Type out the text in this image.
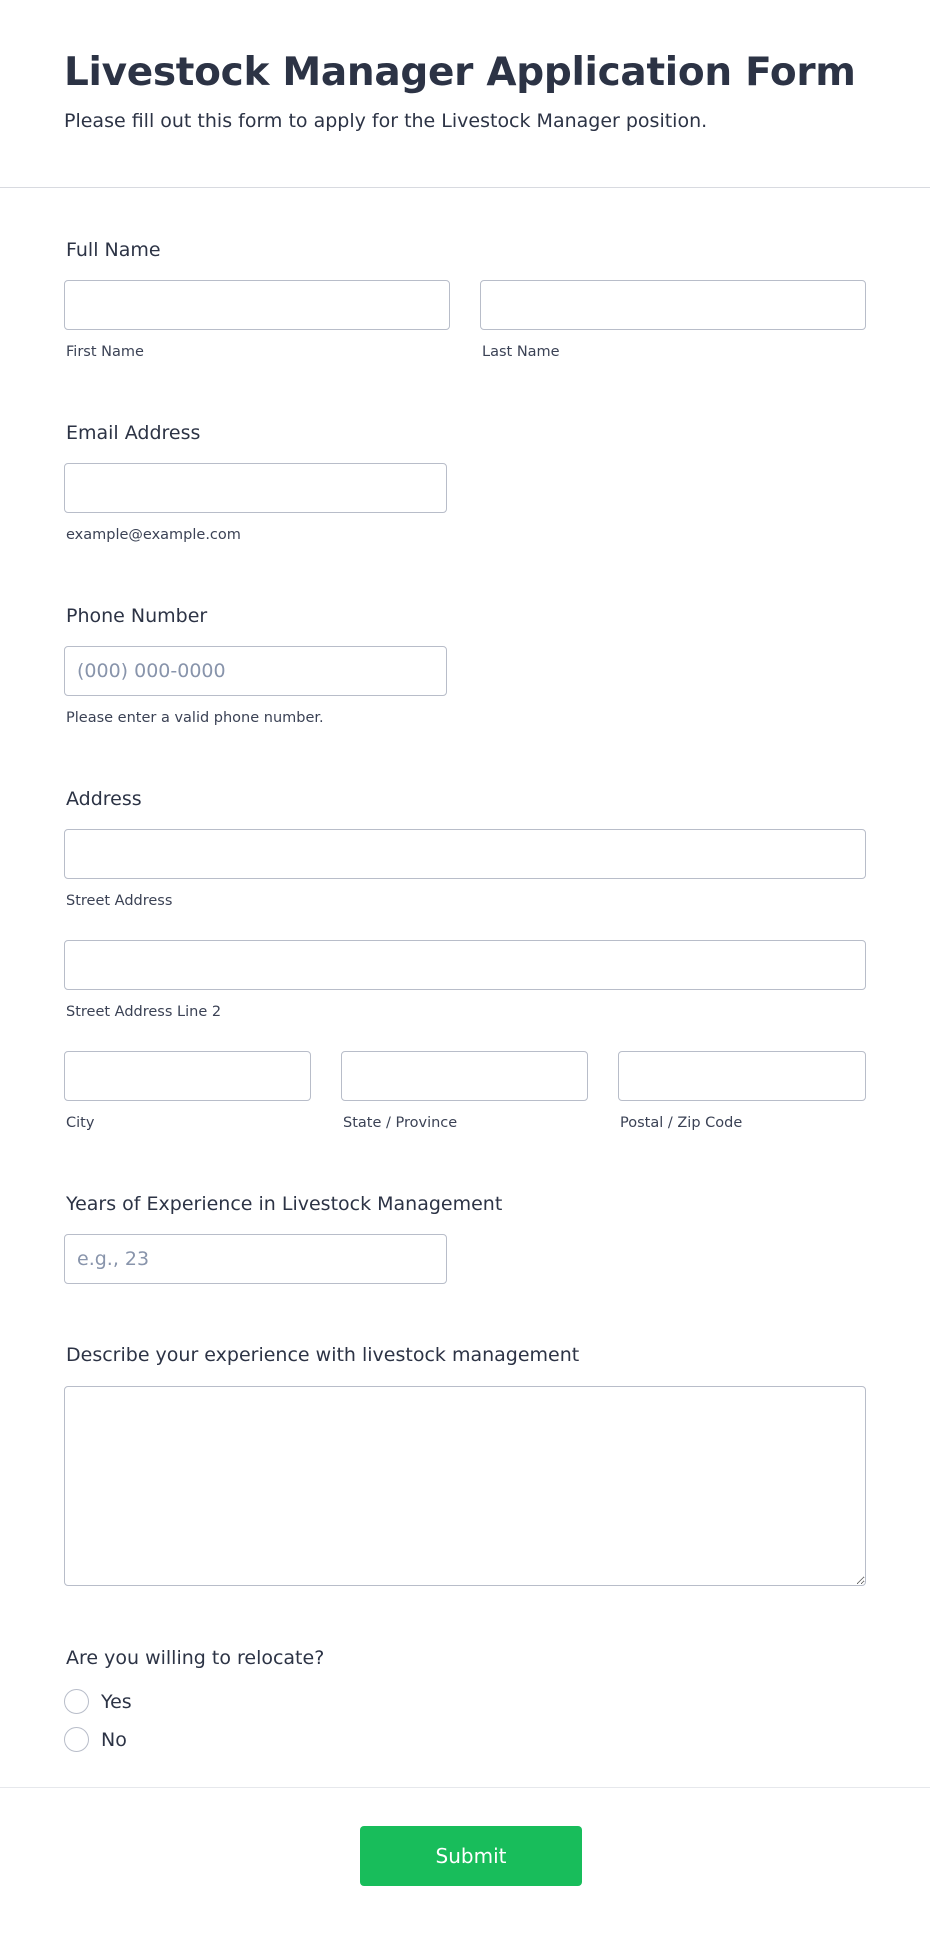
Livestock Manager Application Form
Please fill out this form to apply for the Livestock Manager position.
Full Name
First Name	Last Name
Email Address
example@example.com
Phone Number
(000) 000-0000
Please enter a valid phone number.
Address
Street Address
Street Address Line 2
City	State / Province	Postal / Zip Code
Years of Experience in Livestock Management
e.g., 23
Describe your experience with livestock management
Are you willing to relocate?
Yes
No
Submit
